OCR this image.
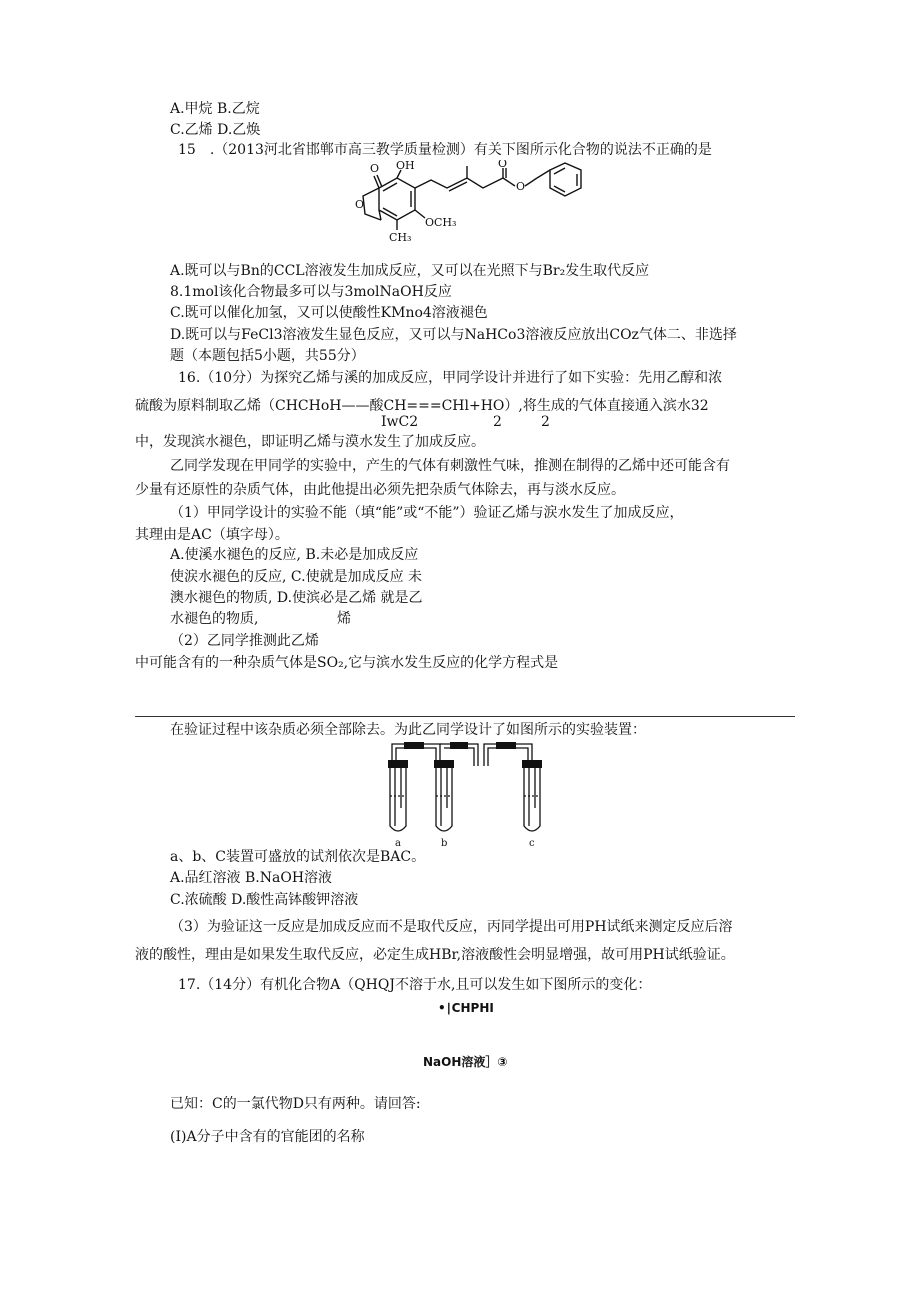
A.甲烷 B.乙烷
C.乙烯 D.乙焕
15　.（2013河北省邯郸市高三教学质量检测）有关下图所示化合物的说法不正确的是
O OH
O
O
O
OCH₃
CH₃
A.既可以与Bn的CCL溶液发生加成反应，又可以在光照下与Br₂发生取代反应
8.1mol该化合物最多可以与3molNaOH反应
C.既可以催化加氢，又可以使酸性KMno4溶液褪色
D.既可以与FeCl3溶液发生显色反应，又可以与NaHCo3溶液反应放出COz气体二、非选择
题（本题包括5小题，共55分）
16.（10分）为探究乙烯与溪的加成反应，甲同学设计并进行了如下实验：先用乙醇和浓
硫酸为原料制取乙烯（CHCHoH——酸CH===CHl+HO）,将生成的气体直接通入滨水32
IwC2	2	2
中，发现滨水褪色，即证明乙烯与漠水发生了加成反应。
乙同学发现在甲同学的实验中，产生的气体有刺激性气味，推测在制得的乙烯中还可能含有
少量有还原性的杂质气体，由此他提出必须先把杂质气体除去，再与淡水反应。
（1）甲同学设计的实验不能（填“能”或“不能”）验证乙烯与涙水发生了加成反应，
其理由是AC（填字母）。
A.使溪水褪色的反应, B.未必是加成反应
使涙水褪色的反应, C.使就是加成反应 未
澳水褪色的物质, D.使滨必是乙烯 就是乙
水褪色的物质,	烯
（2）乙同学推测此乙烯
中可能含有的一种杂质气体是SO₂,它与滨水发生反应的化学方程式是
在验证过程中该杂质必须全部除去。为此乙同学设计了如图所示的实验装置：
a	b	c
a、b、C装置可盛放的试剂依次是BAC。
A.品红溶液 B.NaOH溶液
C.浓硫酸 D.酸性高钵酸钾溶液
（3）为验证这一反应是加成反应而不是取代反应，丙同学提出可用PH试纸来测定反应后溶
液的酸性，理由是如果发生取代反应，必定生成HBr,溶液酸性会明显增强，故可用PH试纸验证。
17.（14分）有机化合物A（QHQJ不溶于水,且可以发生如下图所示的变化：
•∣CHPHI
NaOH溶液］③
已知：C的一氯代物D只有两种。请回答:
(I)A分子中含有的官能团的名称
